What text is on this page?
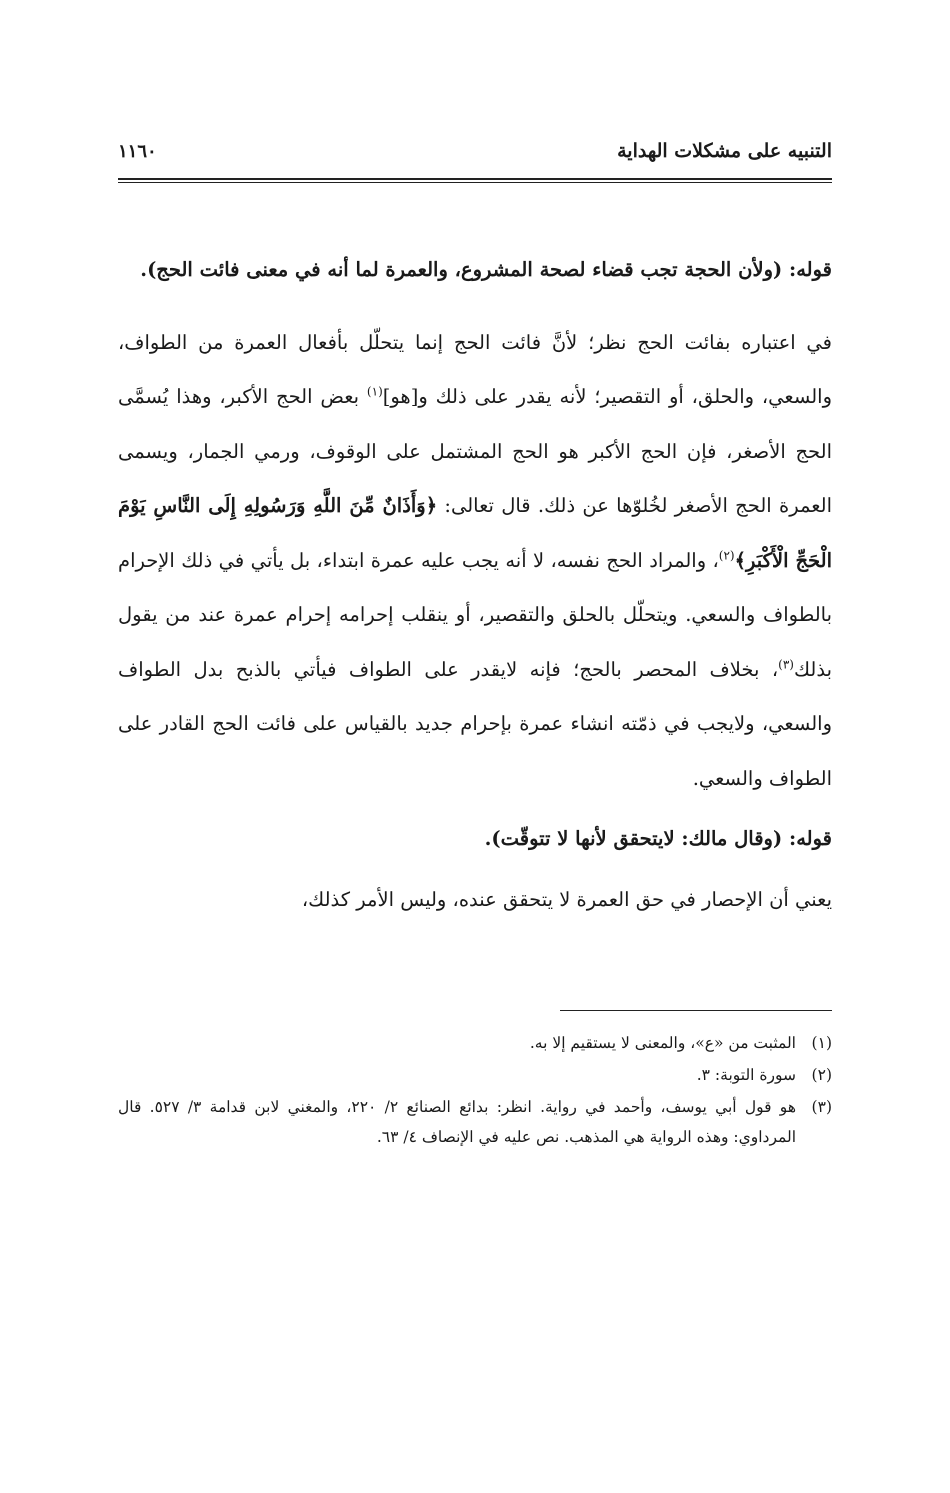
التنبيه على مشكلات الهداية
١١٦٠

قوله: (ولأن الحجة تجب قضاء لصحة المشروع، والعمرة لما أنه في معنى فائت الحج).

في اعتباره بفائت الحج نظر؛ لأنَّ فائت الحج إنما يتحلّل بأفعال العمرة من الطواف، والسعي، والحلق، أو التقصير؛ لأنه يقدر على ذلك و[هو]$^{(١)}$ بعض الحج الأكبر، وهذا يُسمَّى الحج الأصغر، فإن الحج الأكبر هو الحج المشتمل على الوقوف، ورمي الجمار، ويسمى العمرة الحج الأصغر لخُلوّها عن ذلك. قال تعالى: ﴿وَأَذَانٌ مِّنَ اللَّهِ وَرَسُولِهِ إِلَى النَّاسِ يَوْمَ الْحَجِّ الْأَكْبَرِ﴾$^{(٢)}$، والمراد الحج نفسه، لا أنه يجب عليه عمرة ابتداء، بل يأتي في ذلك الإحرام بالطواف والسعي. ويتحلّل بالحلق والتقصير، أو ينقلب إحرامه إحرام عمرة عند من يقول بذلك$^{(٣)}$، بخلاف المحصر بالحج؛ فإنه لايقدر على الطواف فيأتي بالذبح بدل الطواف والسعي، ولايجب في ذمّته انشاء عمرة بإحرام جديد بالقياس على فائت الحج القادر على الطواف والسعي.

قوله: (وقال مالك: لايتحقق لأنها لا تتوقّت).

يعني أن الإحصار في حق العمرة لا يتحقق عنده، وليس الأمر كذلك،

(١)
المثبت من «ع»، والمعنى لا يستقيم إلا به.
(٢)
سورة التوبة: ٣.
(٣)
هو قول أبي يوسف، وأحمد في رواية. انظر: بدائع الصنائع ٢/ ٢٢٠، والمغني لابن قدامة ٣/ ٥٢٧. قال المرداوي: وهذه الرواية هي المذهب. نص عليه في الإنصاف ٤/ ٦٣.
